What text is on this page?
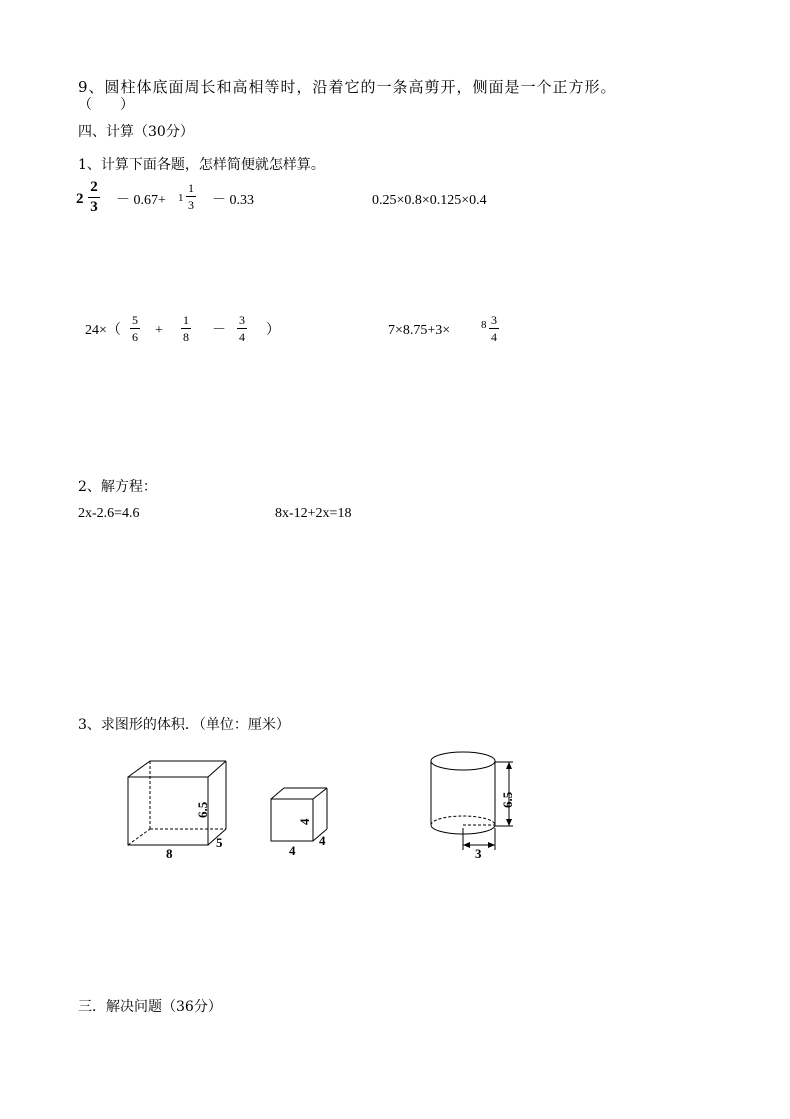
9、圆柱体底面周长和高相等时，沿着它的一条高剪开，侧面是一个正方形。
（　　）
四、计算（30分）
1、计算下面各题，怎样简便就怎样算。
2
2
3 － 0.67+ 1
1
3 － 0.33	0.25×0.8×0.125×0.4
24×（
5
6 +
1
8 －
3
4 ）	7×8.75+3×	8 3
4
2、解方程：
2x-2.6=4.6	8x-12+2x=18
3、求图形的体积．（单位：厘米）
6.5
8
5
4
4
4
6.5
3
三．解决问题（36分）
